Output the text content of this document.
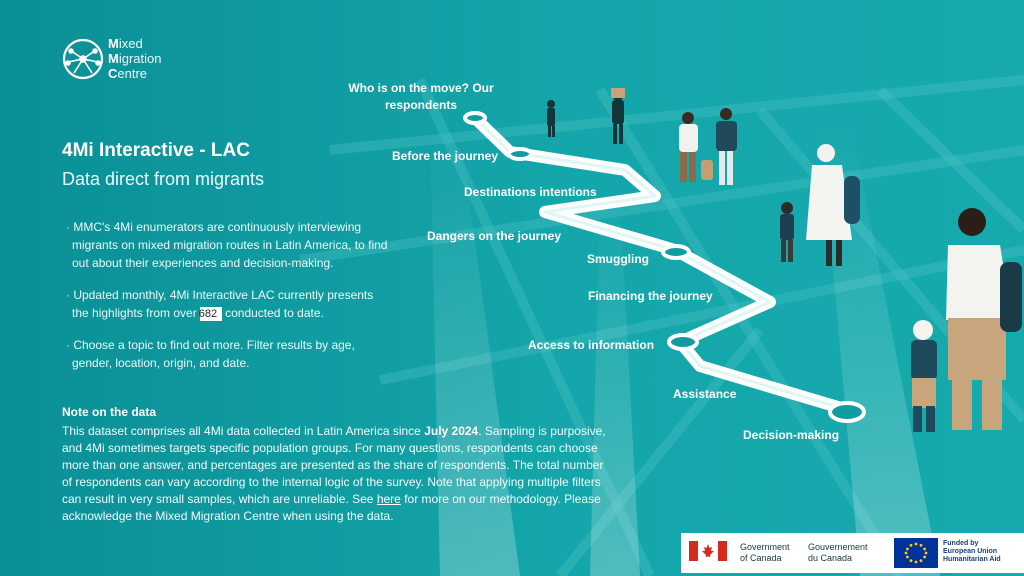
Mixed
Migration
Centre
4Mi Interactive - LAC
Data direct from migrants

· MMC's 4Mi enumerators are continuously interviewing migrants on mixed migration routes in Latin America, to find out about their experiences and decision-making.

· Updated monthly, 4Mi Interactive LAC currently presents the highlights from over 682 conducted to date.

· Choose a topic to find out more. Filter results by age, gender, location, origin, and date.

Note on the data
This dataset comprises all 4Mi data collected in Latin America since July 2024. Sampling is purposive, and 4Mi sometimes targets specific population groups. For many questions, respondents can choose more than one answer, and percentages are presented as the share of respondents. The total number of respondents can vary according to the internal logic of the survey. Note that applying multiple filters can result in very small samples, which are unreliable. See here for more on our methodology. Please acknowledge the Mixed Migration Centre when using the data.
Who is on the move? Our
respondents
Before the journey
Destinations intentions
Dangers on the journey
Smuggling
Financing the journey
Access to information
Assistance
Decision-making
Government
of Canada
Gouvernement
du Canada
Funded by
European Union
Humanitarian Aid
